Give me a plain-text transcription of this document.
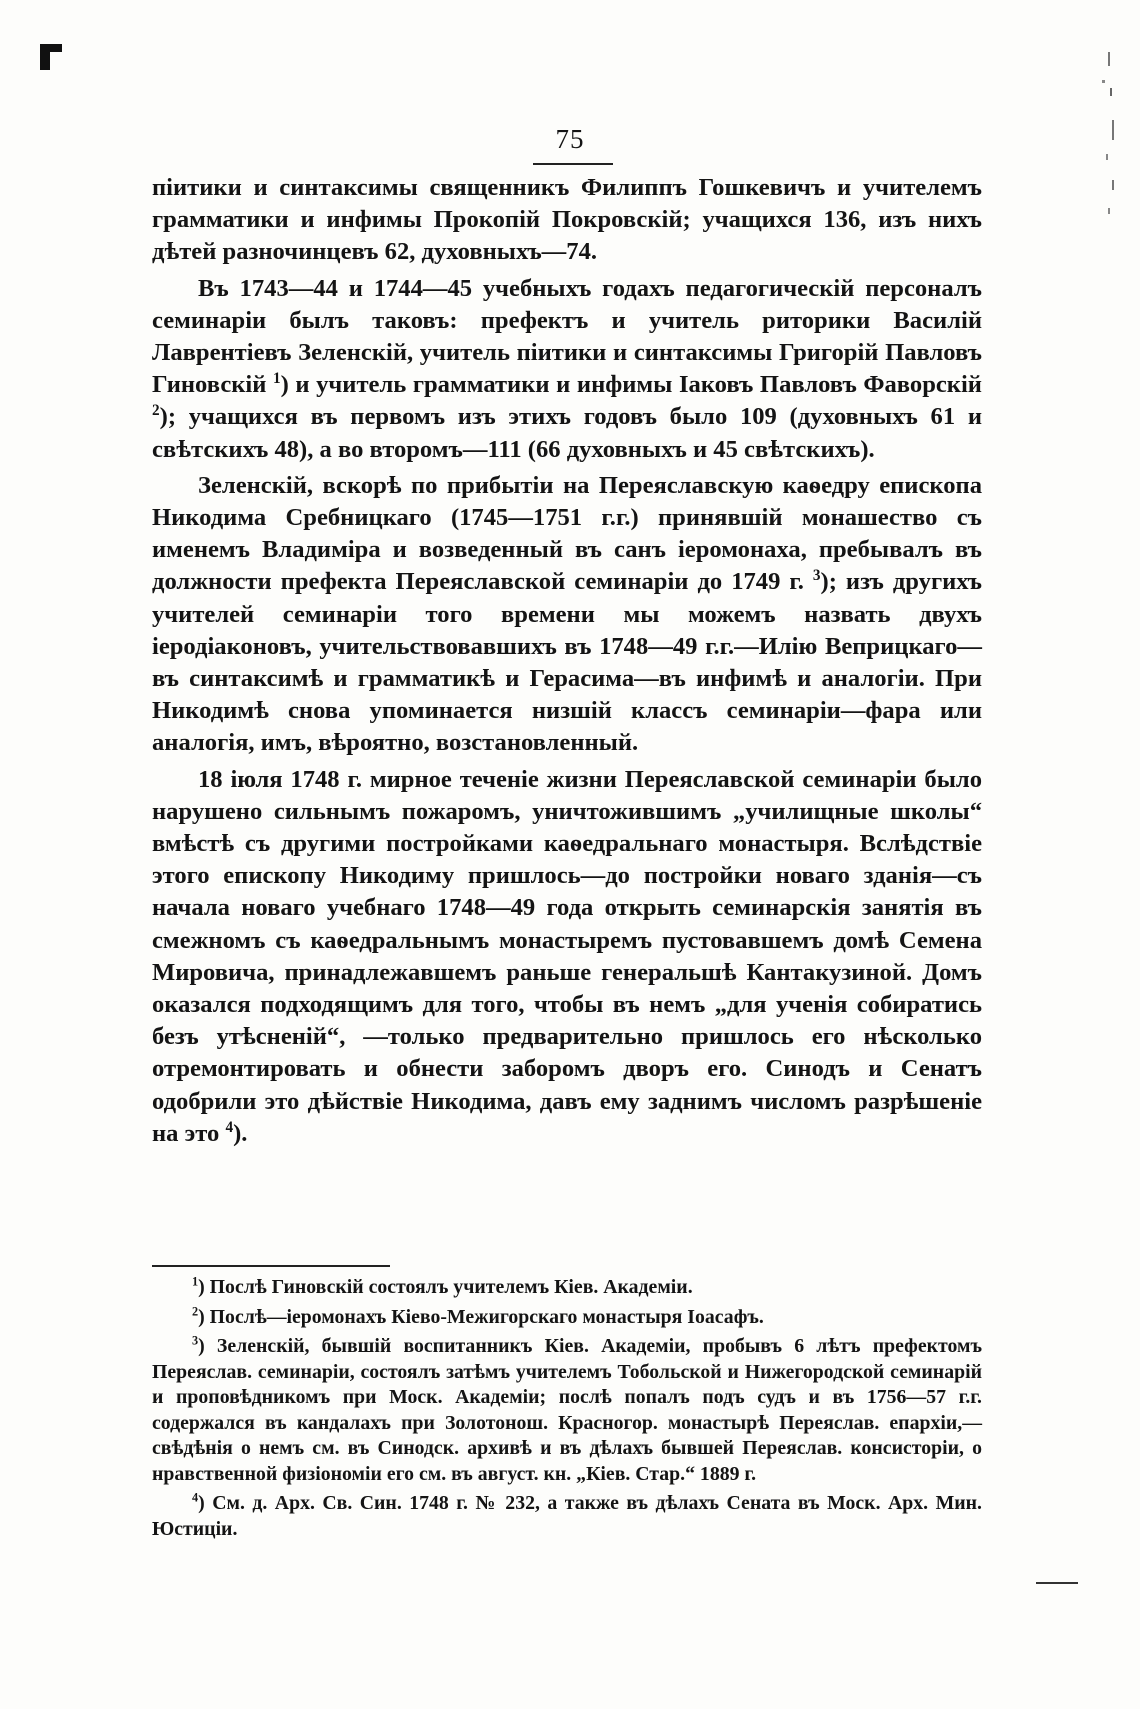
75

піитики и синтаксимы священникъ Филиппъ Гошкевичъ и учителемъ грамматики и инфимы Прокопій Покровскій; учащихся 136, изъ нихъ дѣтей разночинцевъ 62, духовныхъ—74.

Въ 1743—44 и 1744—45 учебныхъ годахъ педагогическій персоналъ семинаріи былъ таковъ: префектъ и учитель риторики Василій Лаврентіевъ Зеленскій, учитель піитики и синтаксимы Григорій Павловъ Гиновскій $^1$) и учитель грамматики и инфимы Іаковъ Павловъ Фаворскій $^2$); учащихся въ первомъ изъ этихъ годовъ было 109 (духовныхъ 61 и свѣтскихъ 48), а во второмъ—111 (66 духовныхъ и 45 свѣтскихъ).

Зеленскій, вскорѣ по прибытіи на Переяславскую каѳедру епископа Никодима Сребницкаго (1745—1751 г.г.) принявшій монашество съ именемъ Владиміра и возведенный въ санъ іеромонаха, пребывалъ въ должности префекта Переяславской семинаріи до 1749 г. $^3$); изъ другихъ учителей семинаріи того времени мы можемъ назвать двухъ іеродіаконовъ, учительствовавшихъ въ 1748—49 г.г.—Илію Веприцкаго—въ синтаксимѣ и грамматикѣ и Герасима—въ инфимѣ и аналогіи. При Никодимѣ снова упоминается низшій классъ семинаріи—фара или аналогія, имъ, вѣроятно, возстановленный.

18 іюля 1748 г. мирное теченіе жизни Переяславской семинаріи было нарушено сильнымъ пожаромъ, уничтожившимъ „училищные школы“ вмѣстѣ съ другими постройками каѳедральнаго монастыря. Вслѣдствіе этого епископу Никодиму пришлось—до постройки новаго зданія—съ начала новаго учебнаго 1748—49 года открыть семинарскія занятія въ смежномъ съ каѳедральнымъ монастыремъ пустовавшемъ домѣ Семена Мировича, принадлежавшемъ раньше генеральшѣ Кантакузиной. Домъ оказался подходящимъ для того, чтобы въ немъ „для ученія собиратись безъ утѣсненій“, —только предварительно пришлось его нѣсколько отремонтировать и обнести заборомъ дворъ его. Синодъ и Сенатъ одобрили это дѣйствіе Никодима, давъ ему заднимъ числомъ разрѣшеніе на это $^4$).

$^1$) Послѣ Гиновскій состоялъ учителемъ Кіев. Академіи.

$^2$) Послѣ—іеромонахъ Кіево-Межигорскаго монастыря Іоасафъ.

$^3$) Зеленскій, бывшій воспитанникъ Кіев. Академіи, пробывъ 6 лѣтъ префектомъ Переяслав. семинаріи, состоялъ затѣмъ учителемъ Тобольской и Нижегородской семинарій и проповѣдникомъ при Моск. Академіи; послѣ попалъ подъ судъ и въ 1756—57 г.г. содержался въ кандалахъ при Золотонош. Красногор. монастырѣ Переяслав. епархіи,—свѣдѣнія о немъ см. въ Синодск. архивѣ и въ дѣлахъ бывшей Переяслав. консисторіи, о нравственной физіономіи его см. въ август. кн. „Кіев. Стар.“ 1889 г.

$^4$) См. д. Арх. Св. Син. 1748 г. № 232, а также въ дѣлахъ Сената въ Моск. Арх. Мин. Юстиціи.
